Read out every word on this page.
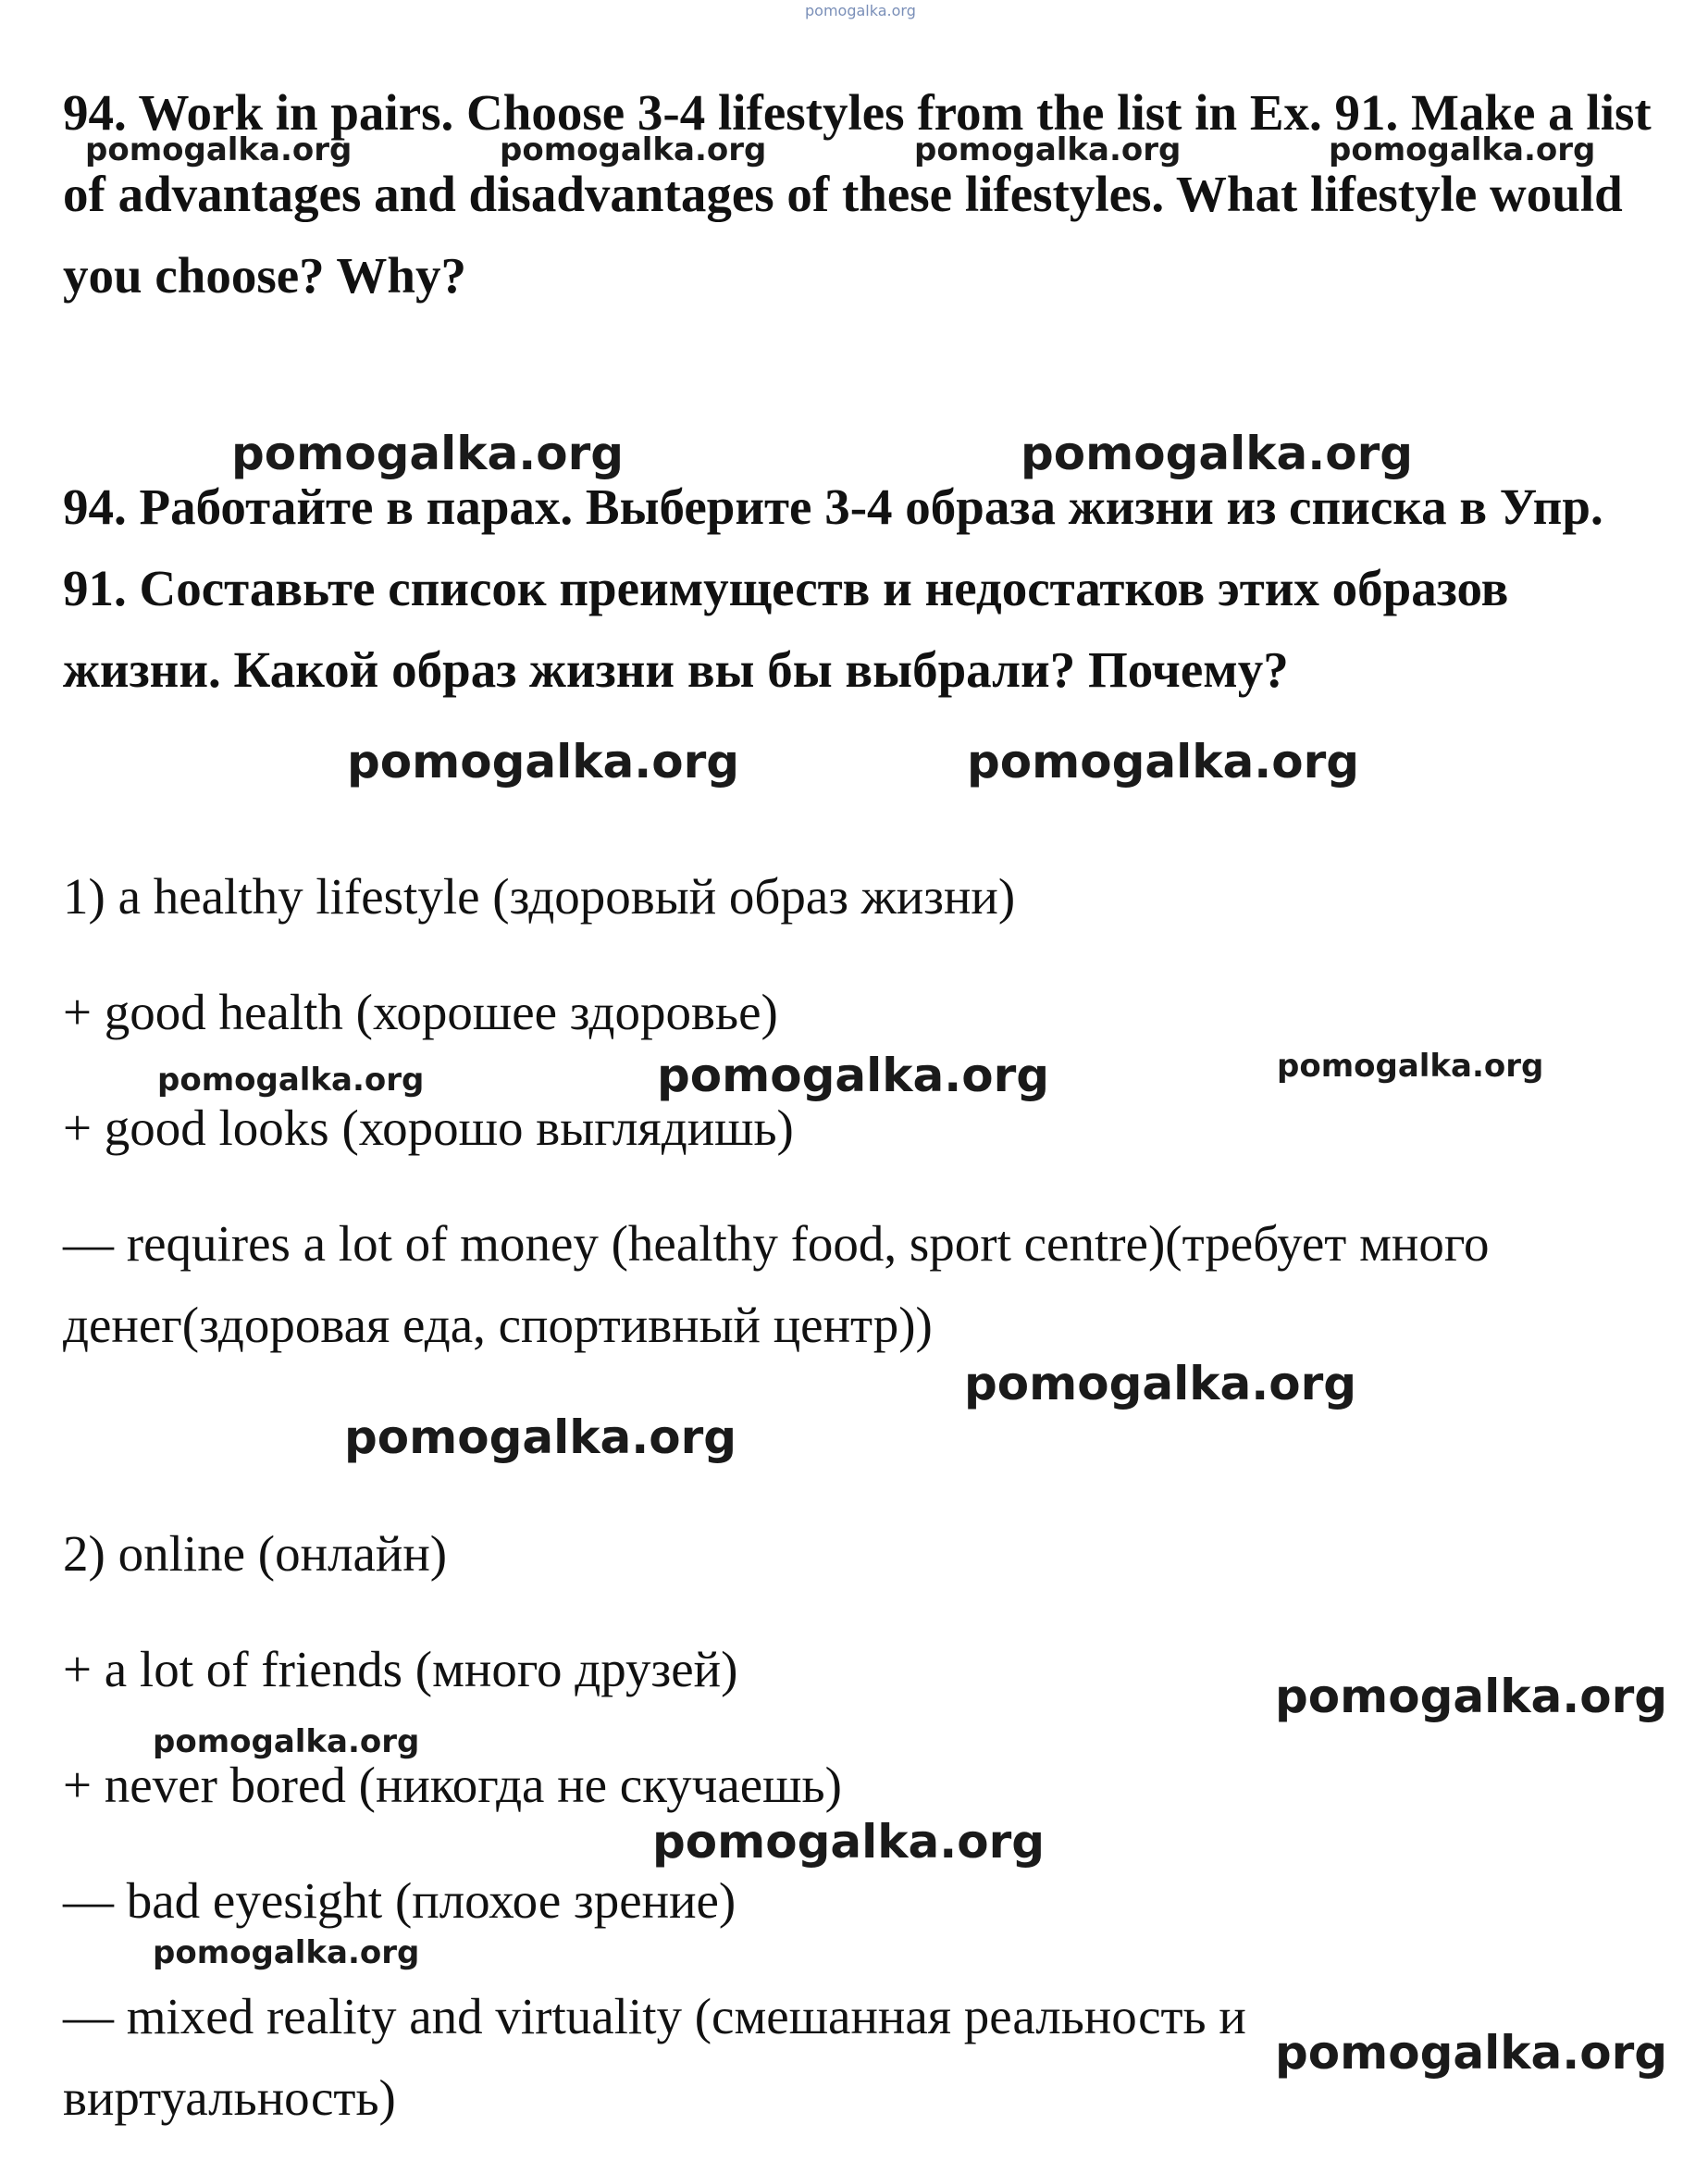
pomogalka.org

94. Work in pairs. Choose 3-4 lifestyles from the list in Ex. 91. Make a list of advantages and disadvantages of these lifestyles. What lifestyle would you choose? Why?

pomogalka.org	pomogalka.org	pomogalka.org	pomogalka.org
pomogalka.org	pomogalka.org

94. Работайте в парах. Выберите 3-4 образа жизни из списка в Упр. 91. Составьте список преимуществ и недостатков этих образов жизни. Какой образ жизни вы бы выбрали? Почему?

pomogalka.org	pomogalka.org

1) a healthy lifestyle (здоровый образ жизни)

+ good health (хорошее здоровье)

pomogalka.org	pomogalka.org	pomogalka.org

+ good looks (хорошо выглядишь)

— requires a lot of money (healthy food, sport centre)(требует много денег(здоровая еда, спортивный центр))

pomogalka.org
pomogalka.org

2) online (онлайн)

+ a lot of friends (много друзей)	pomogalka.org
pomogalka.org

+ never bored (никогда не скучаешь)

pomogalka.org

— bad eyesight (плохое зрение)

pomogalka.org

— mixed reality and virtuality (смешанная реальность и виртуальность)

pomogalka.org
